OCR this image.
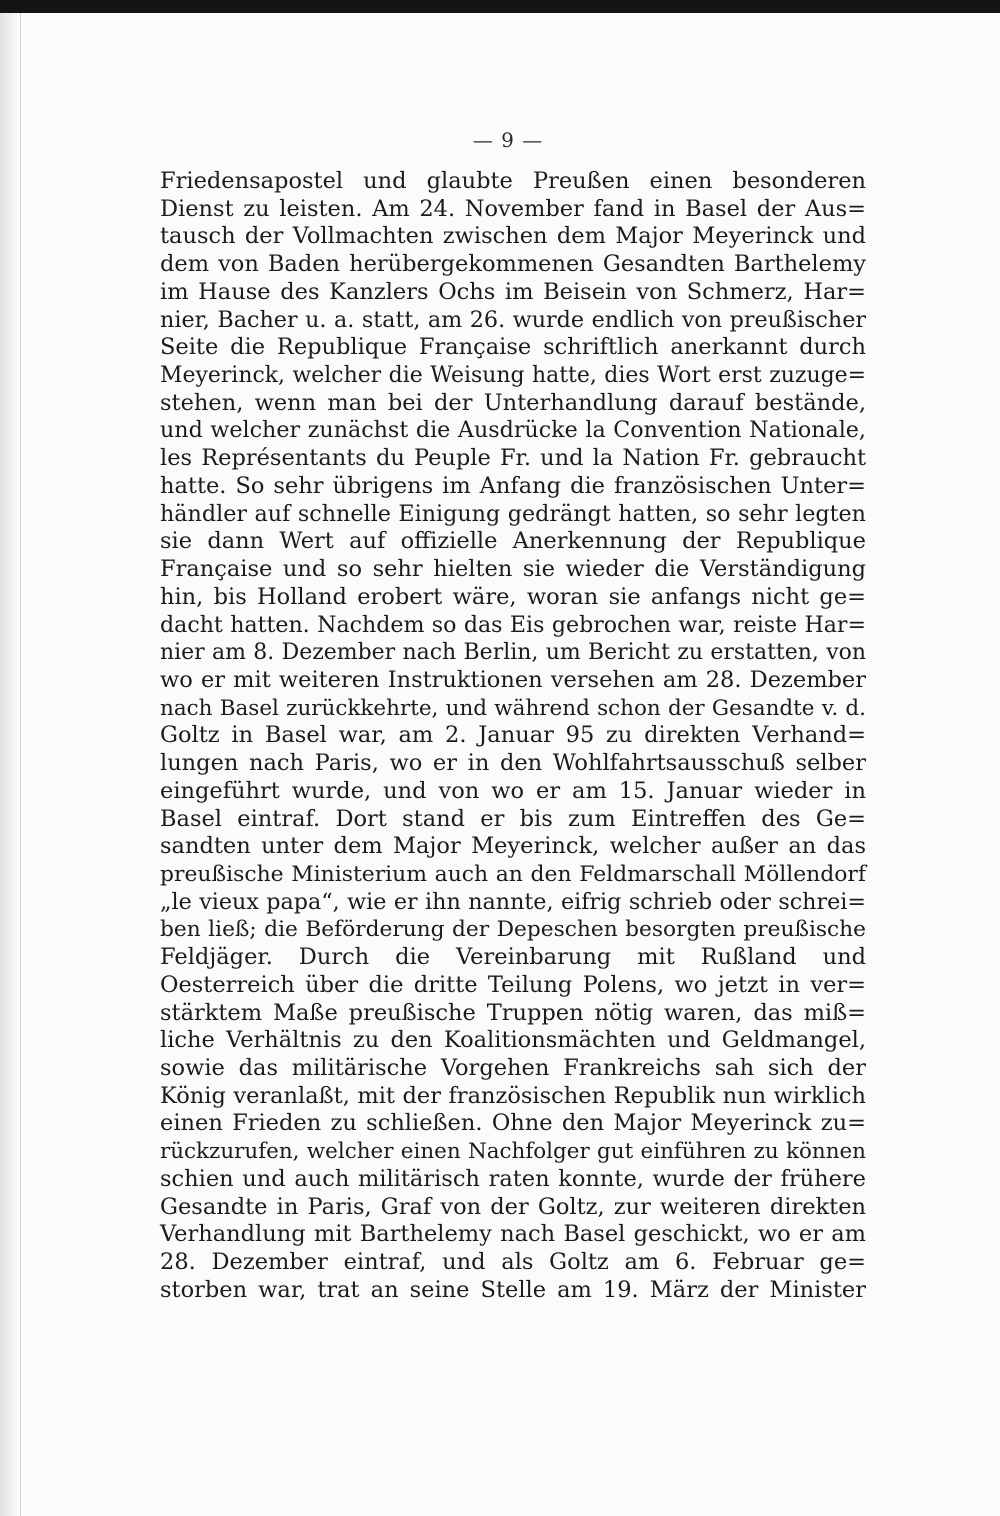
— 9 —
Friedensapostel und glaubte Preußen einen besonderen
Dienst zu leisten. Am 24. November fand in Basel der Aus=
tausch der Vollmachten zwischen dem Major Meyerinck und
dem von Baden herübergekommenen Gesandten Barthelemy
im Hause des Kanzlers Ochs im Beisein von Schmerz, Har=
nier, Bacher u. a. statt, am 26. wurde endlich von preußischer
Seite die Republique Française schriftlich anerkannt durch
Meyerinck, welcher die Weisung hatte, dies Wort erst zuzuge=
stehen, wenn man bei der Unterhandlung darauf bestände,
und welcher zunächst die Ausdrücke la Convention Nationale,
les Représentants du Peuple Fr. und la Nation Fr. gebraucht
hatte. So sehr übrigens im Anfang die französischen Unter=
händler auf schnelle Einigung gedrängt hatten, so sehr legten
sie dann Wert auf offizielle Anerkennung der Republique
Française und so sehr hielten sie wieder die Verständigung
hin, bis Holland erobert wäre, woran sie anfangs nicht ge=
dacht hatten. Nachdem so das Eis gebrochen war, reiste Har=
nier am 8. Dezember nach Berlin, um Bericht zu erstatten, von
wo er mit weiteren Instruktionen versehen am 28. Dezember
nach Basel zurückkehrte, und während schon der Gesandte v. d.
Goltz in Basel war, am 2. Januar 95 zu direkten Verhand=
lungen nach Paris, wo er in den Wohlfahrtsausschuß selber
eingeführt wurde, und von wo er am 15. Januar wieder in
Basel eintraf. Dort stand er bis zum Eintreffen des Ge=
sandten unter dem Major Meyerinck, welcher außer an das
preußische Ministerium auch an den Feldmarschall Möllendorf
„le vieux papa“, wie er ihn nannte, eifrig schrieb oder schrei=
ben ließ; die Beförderung der Depeschen besorgten preußische
Feldjäger. Durch die Vereinbarung mit Rußland und
Oesterreich über die dritte Teilung Polens, wo jetzt in ver=
stärktem Maße preußische Truppen nötig waren, das miß=
liche Verhältnis zu den Koalitionsmächten und Geldmangel,
sowie das militärische Vorgehen Frankreichs sah sich der
König veranlaßt, mit der französischen Republik nun wirklich
einen Frieden zu schließen. Ohne den Major Meyerinck zu=
rückzurufen, welcher einen Nachfolger gut einführen zu können
schien und auch militärisch raten konnte, wurde der frühere
Gesandte in Paris, Graf von der Goltz, zur weiteren direkten
Verhandlung mit Barthelemy nach Basel geschickt, wo er am
28. Dezember eintraf, und als Goltz am 6. Februar ge=
storben war, trat an seine Stelle am 19. März der Minister
